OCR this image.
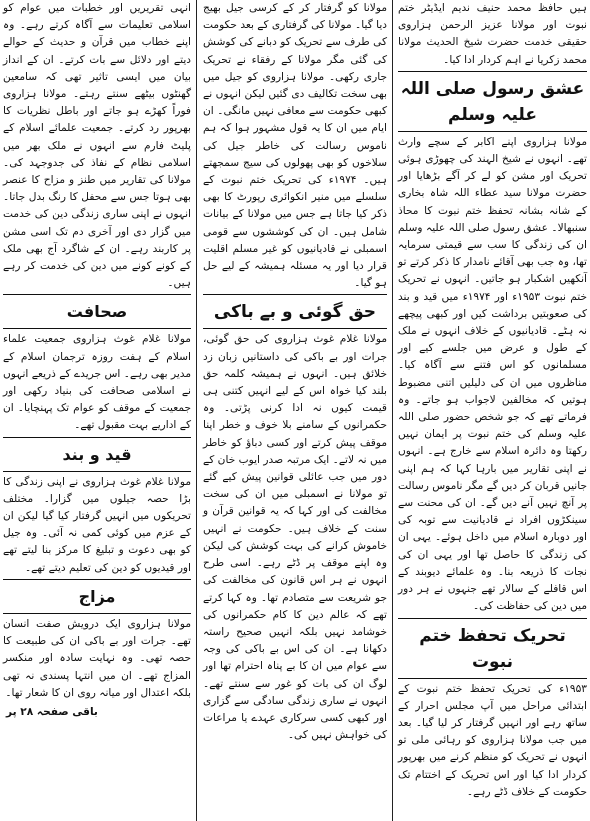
ہیں حافظ محمد حنیف ندیم ایڈیٹر ختم نبوت اور مولانا عزیز الرحمن ہزاروی حقیقی خدمت حضرت شیخ الحدیث مولانا محمد زکریا نے اہم کردار ادا کیا۔

عشق رسول صلی اللہ علیہ وسلم

مولانا ہزاروی اپنے اکابر کے سچے وارث تھے۔ انہوں نے شیخ الہند کی چھوڑی ہوئی تحریک اور مشن کو لے کر آگے بڑھایا اور حضرت مولانا سید عطاء اللہ شاہ بخاری کے شانہ بشانہ تحفظ ختم نبوت کا محاذ سنبھالا۔ عشق رسول صلی اللہ علیہ وسلم ان کی زندگی کا سب سے قیمتی سرمایہ تھا، وہ جب بھی آقائے نامدار کا ذکر کرتے تو آنکھیں اشکبار ہو جاتیں۔ انہوں نے تحریک ختم نبوت ۱۹۵۳ء اور ۱۹۷۴ء میں قید و بند کی صعوبتیں برداشت کیں اور کبھی پیچھے نہ ہٹے۔ قادیانیوں کے خلاف انہوں نے ملک کے طول و عرض میں جلسے کیے اور مسلمانوں کو اس فتنے سے آگاہ کیا۔ مناظروں میں ان کی دلیلیں اتنی مضبوط ہوتیں کہ مخالفین لاجواب ہو جاتے۔ وہ فرماتے تھے کہ جو شخص حضور صلی اللہ علیہ وسلم کی ختم نبوت پر ایمان نہیں رکھتا وہ دائرہ اسلام سے خارج ہے۔ انہوں نے اپنی تقاریر میں بارہا کہا کہ ہم اپنی جانیں قربان کر دیں گے مگر ناموس رسالت پر آنچ نہیں آنے دیں گے۔ ان کی محنت سے سینکڑوں افراد نے قادیانیت سے توبہ کی اور دوبارہ اسلام میں داخل ہوئے۔ یہی ان کی زندگی کا حاصل تھا اور یہی ان کی نجات کا ذریعہ بنا۔ وہ علمائے دیوبند کے اس قافلے کے سالار تھے جنہوں نے ہر دور میں دین کی حفاظت کی۔

تحریک تحفظ ختم نبوت

۱۹۵۳ء کی تحریک تحفظ ختم نبوت کے ابتدائی مراحل میں آپ مجلس احرار کے ساتھ رہے اور انہیں گرفتار کر لیا گیا۔ بعد میں جب مولانا ہزاروی کو رہائی ملی تو انہوں نے تحریک کو منظم کرنے میں بھرپور کردار ادا کیا اور اس تحریک کے اختتام تک حکومت کے خلاف ڈٹے رہے۔

مولانا کو گرفتار کر کے کرسی جیل بھیج دیا گیا۔ مولانا کی گرفتاری کے بعد حکومت کی طرف سے تحریک کو دبانے کی کوشش کی گئی مگر مولانا کے رفقاء نے تحریک جاری رکھی۔ مولانا ہزاروی کو جیل میں بھی سخت تکالیف دی گئیں لیکن انہوں نے کبھی حکومت سے معافی نہیں مانگی۔ ان ایام میں ان کا یہ قول مشہور ہوا کہ ہم ناموس رسالت کی خاطر جیل کی سلاخوں کو بھی پھولوں کی سیج سمجھتے ہیں۔ ۱۹۷۴ء کی تحریک ختم نبوت کے سلسلے میں منیر انکوائری رپورٹ کا بھی ذکر کیا جاتا ہے جس میں مولانا کے بیانات شامل ہیں۔ ان کی کوششوں سے قومی اسمبلی نے قادیانیوں کو غیر مسلم اقلیت قرار دیا اور یہ مسئلہ ہمیشہ کے لیے حل ہو گیا۔

حق گوئی و بے باکی

مولانا غلام غوث ہزاروی کی حق گوئی، جرات اور بے باکی کی داستانیں زبان زد خلائق ہیں۔ انہوں نے ہمیشہ کلمہ حق بلند کیا خواہ اس کے لیے انہیں کتنی ہی قیمت کیوں نہ ادا کرنی پڑتی۔ وہ حکمرانوں کے سامنے بلا خوف و خطر اپنا موقف پیش کرتے اور کسی دباؤ کو خاطر میں نہ لاتے۔ ایک مرتبہ صدر ایوب خان کے دور میں جب عائلی قوانین پیش کیے گئے تو مولانا نے اسمبلی میں ان کی سخت مخالفت کی اور کہا کہ یہ قوانین قرآن و سنت کے خلاف ہیں۔ حکومت نے انہیں خاموش کرانے کی بہت کوشش کی لیکن وہ اپنے موقف پر ڈٹے رہے۔ اسی طرح انہوں نے ہر اس قانون کی مخالفت کی جو شریعت سے متصادم تھا۔ وہ کہا کرتے تھے کہ عالم دین کا کام حکمرانوں کی خوشامد نہیں بلکہ انہیں صحیح راستہ دکھانا ہے۔ ان کی اس بے باکی کی وجہ سے عوام میں ان کا بے پناہ احترام تھا اور لوگ ان کی بات کو غور سے سنتے تھے۔ انہوں نے ساری زندگی سادگی سے گزاری اور کبھی کسی سرکاری عہدے یا مراعات کی خواہش نہیں کی۔

انہی تقریریں اور خطبات میں عوام کو اسلامی تعلیمات سے آگاہ کرتے رہے۔ وہ اپنے خطاب میں قرآن و حدیث کے حوالے دیتے اور دلائل سے بات کرتے۔ ان کے انداز بیان میں ایسی تاثیر تھی کہ سامعین گھنٹوں بیٹھے سنتے رہتے۔ مولانا ہزاروی فوراً کھڑے ہو جاتے اور باطل نظریات کا بھرپور رد کرتے۔ جمعیت علمائے اسلام کے پلیٹ فارم سے انہوں نے ملک بھر میں اسلامی نظام کے نفاذ کی جدوجہد کی۔ مولانا کی تقاریر میں طنز و مزاح کا عنصر بھی ہوتا جس سے محفل کا رنگ بدل جاتا۔ انہوں نے اپنی ساری زندگی دین کی خدمت میں گزار دی اور آخری دم تک اسی مشن پر کاربند رہے۔ ان کے شاگرد آج بھی ملک کے کونے کونے میں دین کی خدمت کر رہے ہیں۔

صحافت

مولانا غلام غوث ہزاروی جمعیت علماء اسلام کے ہفت روزہ ترجمان اسلام کے مدیر بھی رہے۔ اس جریدے کے ذریعے انہوں نے اسلامی صحافت کی بنیاد رکھی اور جمعیت کے موقف کو عوام تک پہنچایا۔ ان کے اداریے بہت مقبول تھے۔

قید و بند

مولانا غلام غوث ہزاروی نے اپنی زندگی کا بڑا حصہ جیلوں میں گزارا۔ مختلف تحریکوں میں انہیں گرفتار کیا گیا لیکن ان کے عزم میں کوئی کمی نہ آئی۔ وہ جیل کو بھی دعوت و تبلیغ کا مرکز بنا لیتے تھے اور قیدیوں کو دین کی تعلیم دیتے تھے۔

مزاج

مولانا ہزاروی ایک درویش صفت انسان تھے۔ جرات اور بے باکی ان کی طبیعت کا حصہ تھی۔ وہ نہایت سادہ اور منکسر المزاج تھے۔ ان میں انتہا پسندی نہ تھی بلکہ اعتدال اور میانہ روی ان کا شعار تھا۔

باقی صفحہ ۲۸ پر
